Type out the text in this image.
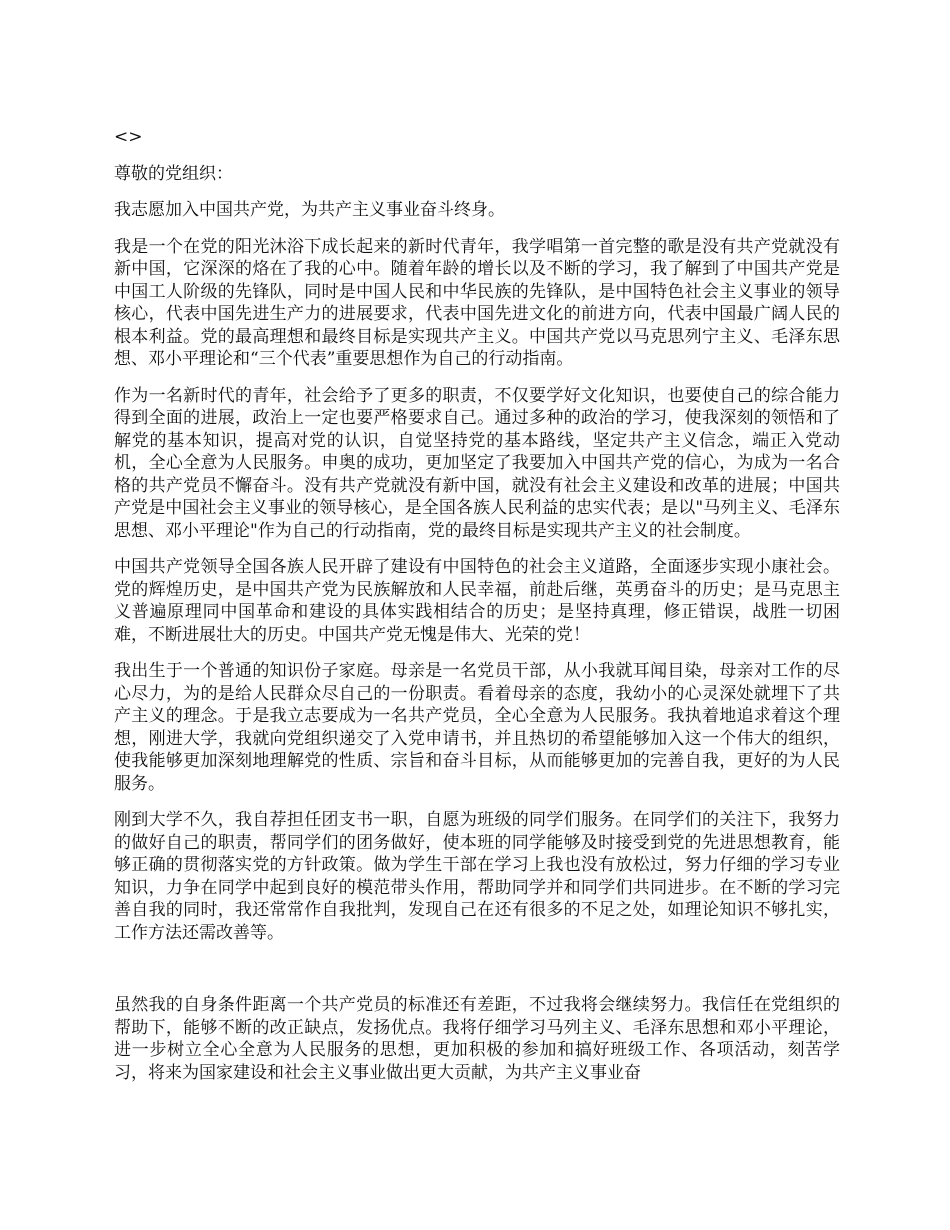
<>

尊敬的党组织：

我志愿加入中国共产党，为共产主义事业奋斗终身。

我是一个在党的阳光沐浴下成长起来的新时代青年，我学唱第一首完整的歌是没有共产党就没有新中国，它深深的烙在了我的心中。随着年龄的增长以及不断的学习，我了解到了中国共产党是中国工人阶级的先锋队，同时是中国人民和中华民族的先锋队，是中国特色社会主义事业的领导核心，代表中国先进生产力的进展要求，代表中国先进文化的前进方向，代表中国最广阔人民的根本利益。党的最高理想和最终目标是实现共产主义。中国共产党以马克思列宁主义、毛泽东思想、邓小平理论和“三个代表”重要思想作为自己的行动指南。

作为一名新时代的青年，社会给予了更多的职责，不仅要学好文化知识，也要使自己的综合能力得到全面的进展，政治上一定也要严格要求自己。通过多种的政治的学习，使我深刻的领悟和了解党的基本知识，提高对党的认识，自觉坚持党的基本路线，坚定共产主义信念，端正入党动机，全心全意为人民服务。申奥的成功，更加坚定了我要加入中国共产党的信心，为成为一名合格的共产党员不懈奋斗。没有共产党就没有新中国，就没有社会主义建设和改革的进展；中国共产党是中国社会主义事业的领导核心，是全国各族人民利益的忠实代表；是以"马列主义、毛泽东思想、邓小平理论"作为自己的行动指南，党的最终目标是实现共产主义的社会制度。

中国共产党领导全国各族人民开辟了建设有中国特色的社会主义道路，全面逐步实现小康社会。党的辉煌历史，是中国共产党为民族解放和人民幸福，前赴后继，英勇奋斗的历史；是马克思主义普遍原理同中国革命和建设的具体实践相结合的历史；是坚持真理，修正错误，战胜一切困难，不断进展壮大的历史。中国共产党无愧是伟大、光荣的党！

我出生于一个普通的知识份子家庭。母亲是一名党员干部，从小我就耳闻目染，母亲对工作的尽心尽力，为的是给人民群众尽自己的一份职责。看着母亲的态度，我幼小的心灵深处就埋下了共产主义的理念。于是我立志要成为一名共产党员，全心全意为人民服务。我执着地追求着这个理想，刚进大学，我就向党组织递交了入党申请书，并且热切的希望能够加入这一个伟大的组织，使我能够更加深刻地理解党的性质、宗旨和奋斗目标，从而能够更加的完善自我，更好的为人民服务。

刚到大学不久，我自荐担任团支书一职，自愿为班级的同学们服务。在同学们的关注下，我努力的做好自己的职责，帮同学们的团务做好，使本班的同学能够及时接受到党的先进思想教育，能够正确的贯彻落实党的方针政策。做为学生干部在学习上我也没有放松过，努力仔细的学习专业知识，力争在同学中起到良好的模范带头作用，帮助同学并和同学们共同进步。在不断的学习完善自我的同时，我还常常作自我批判，发现自己在还有很多的不足之处，如理论知识不够扎实，工作方法还需改善等。

虽然我的自身条件距离一个共产党员的标准还有差距，不过我将会继续努力。我信任在党组织的帮助下，能够不断的改正缺点，发扬优点。我将仔细学习马列主义、毛泽东思想和邓小平理论，进一步树立全心全意为人民服务的思想，更加积极的参加和搞好班级工作、各项活动，刻苦学习，将来为国家建设和社会主义事业做出更大贡献，为共产主义事业奋
